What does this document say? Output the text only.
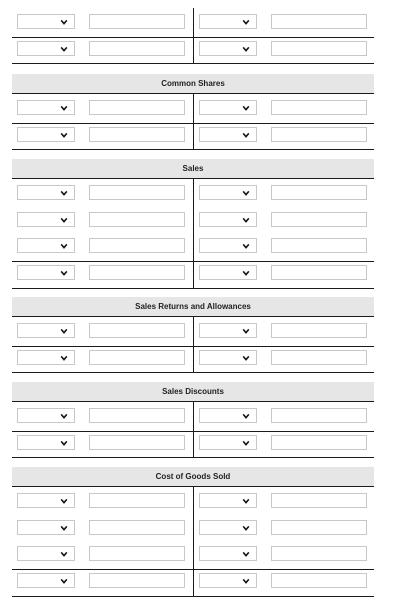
Common Shares
Sales
Sales Returns and Allowances
Sales Discounts
Cost of Goods Sold
